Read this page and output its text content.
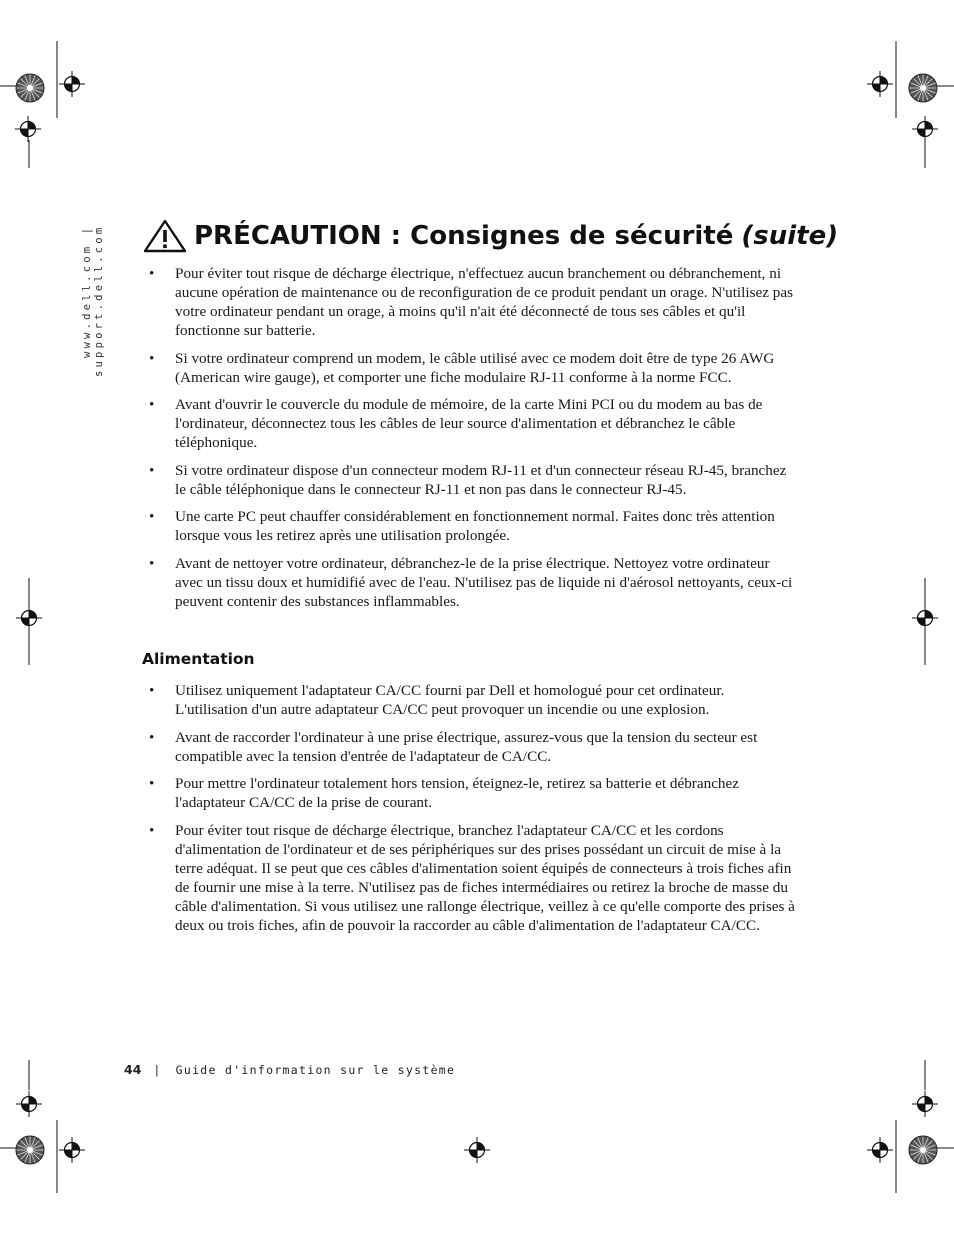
www.dell.com | support.dell.com	PRÉCAUTION : Consignes de sécurité (suite)
• Pour éviter tout risque de décharge électrique, n'effectuez aucun branchement ou débranchement, ni aucune opération de maintenance ou de reconfiguration de ce produit pendant un orage. N'utilisez pas votre ordinateur pendant un orage, à moins qu'il n'ait été déconnecté de tous ses câbles et qu'il fonctionne sur batterie.
• Si votre ordinateur comprend un modem, le câble utilisé avec ce modem doit être de type 26 AWG (American wire gauge), et comporter une fiche modulaire RJ-11 conforme à la norme FCC.
• Avant d'ouvrir le couvercle du module de mémoire, de la carte Mini PCI ou du modem au bas de l'ordinateur, déconnectez tous les câbles de leur source d'alimentation et débranchez le câble téléphonique.
• Si votre ordinateur dispose d'un connecteur modem RJ-11 et d'un connecteur réseau RJ-45, branchez le câble téléphonique dans le connecteur RJ-11 et non pas dans le connecteur RJ-45.
• Une carte PC peut chauffer considérablement en fonctionnement normal. Faites donc très attention lorsque vous les retirez après une utilisation prolongée.
• Avant de nettoyer votre ordinateur, débranchez-le de la prise électrique. Nettoyez votre ordinateur avec un tissu doux et humidifié avec de l'eau. N'utilisez pas de liquide ni d'aérosol nettoyants, ceux-ci peuvent contenir des substances inflammables.
Alimentation
• Utilisez uniquement l'adaptateur CA/CC fourni par Dell et homologué pour cet ordinateur. L'utilisation d'un autre adaptateur CA/CC peut provoquer un incendie ou une explosion.
• Avant de raccorder l'ordinateur à une prise électrique, assurez-vous que la tension du secteur est compatible avec la tension d'entrée de l'adaptateur de CA/CC.
• Pour mettre l'ordinateur totalement hors tension, éteignez-le, retirez sa batterie et débranchez l'adaptateur CA/CC de la prise de courant.
• Pour éviter tout risque de décharge électrique, branchez l'adaptateur CA/CC et les cordons d'alimentation de l'ordinateur et de ses périphériques sur des prises possédant un circuit de mise à la terre adéquat. Il se peut que ces câbles d'alimentation soient équipés de connecteurs à trois fiches afin de fournir une mise à la terre. N'utilisez pas de fiches intermédiaires ou retirez la broche de masse du câble d'alimentation. Si vous utilisez une rallonge électrique, veillez à ce qu'elle comporte des prises à deux ou trois fiches, afin de pouvoir la raccorder au câble d'alimentation de l'adaptateur CA/CC.
44 | Guide d'information sur le système
